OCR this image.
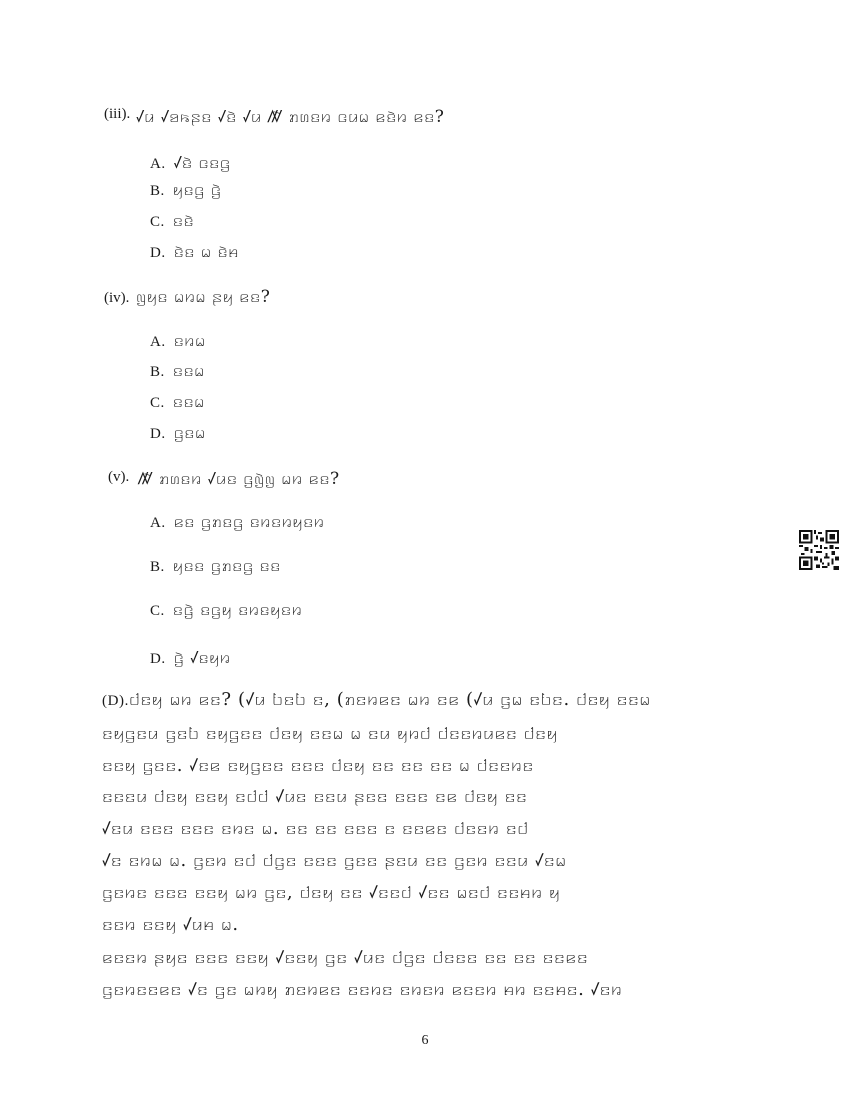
(iii). ꤶꤣ ꤶꤤꤒꤔꤢ ꤶꤢꤧ ꤶꤣ ꤲꤧ ꤊꤛꤢꤙ ꤍꤣꤗ ꤕꤢꤧꤙ ꤕꤢ?
A. ꤶꤢꤧ ꤍꤢꤞ
B. ꤟꤢꤞ ꤞꤧ
C. ꤢꤢꤧ
D. ꤢꤧꤢ ꤗ ꤢꤧꤌ
(iv). ꤜꤟꤢ ꤗꤙꤗ ꤔꤟ ꤕꤢ?
A. ꤢꤙꤗ
B. ꤢꤢꤗ
C. ꤢꤢꤗ
D. ꤞꤢꤗ
(v). ꤲꤧ ꤊꤛꤢꤙ ꤶꤣꤢ ꤞꤜꤧꤜ ꤗꤙ ꤕꤢ?
A. ꤕꤢ ꤞꤊꤢꤞ ꤢꤙꤢꤙꤟꤢꤙ
B. ꤟꤢꤢ ꤞꤊꤢꤞ ꤢꤢ
C. ꤢꤞꤧ ꤢꤞꤟ ꤢꤙꤢꤟꤢꤙ
D. ꤞꤧ ꤶꤢꤟꤙ
(D).ꤓꤢꤟ ꤗꤙ ꤕꤢ? (ꤶꤣ ꤝꤢꤝ ꤢ, (ꤊꤢꤙꤕꤢ ꤗꤙ ꤢꤕ (ꤶꤣ ꤞꤗ ꤢꤝꤢ. ꤓꤢꤟ ꤢꤢꤗ
ꤢꤟꤞꤢꤣ ꤞꤢꤝ ꤢꤟꤞꤢꤢ ꤓꤢꤟ ꤢꤢꤗ ꤗ ꤢꤣ ꤟꤙꤓ ꤓꤢꤢꤙꤣꤕꤢ ꤓꤢꤟ
ꤢꤢꤟ ꤞꤢꤢ. ꤶꤢꤕ ꤢꤟꤞꤢꤢ ꤢꤢꤢ ꤓꤢꤟ ꤢꤢ ꤢꤢ ꤢꤢ ꤗ ꤓꤢꤢꤙꤢ
ꤢꤢꤢꤣ ꤓꤢꤟ ꤢꤢꤟ ꤢꤓꤓ ꤶꤣꤢ ꤢꤢꤣ ꤔꤢꤢ ꤢꤢꤢ ꤢꤕ ꤓꤢꤟ ꤢꤢ
ꤶꤢꤣ ꤢꤢꤢ ꤢꤢꤢ ꤢꤙꤢ ꤗ. ꤢꤢ ꤢꤢ ꤢꤢꤢ ꤢ ꤢꤢꤕꤢ ꤓꤢꤢꤙ ꤢꤓ
ꤶꤢ ꤢꤙꤗ ꤗ. ꤞꤢꤙ ꤢꤓ ꤓꤞꤢ ꤢꤢꤢ ꤞꤢꤢ ꤔꤢꤣ ꤢꤢ ꤞꤢꤙ ꤢꤢꤣ ꤶꤢꤗ
ꤞꤢꤙꤢ ꤢꤢꤢ ꤢꤢꤟ ꤗꤙ ꤞꤢ, ꤓꤢꤟ ꤢꤢ ꤶꤢꤢꤓ ꤶꤢꤢ ꤗꤢꤓ ꤢꤢꤌꤙ ꤟ
ꤢꤢꤙ ꤢꤢꤟ ꤶꤣꤌ ꤗ.
ꤕꤢꤢꤙ ꤔꤟꤢ ꤢꤢꤢ ꤢꤢꤟ ꤶꤢꤢꤟ ꤞꤢ ꤶꤣꤢ ꤓꤞꤢ ꤓꤢꤢꤢ ꤢꤢ ꤢꤢ ꤢꤢꤕꤢ
ꤞꤢꤙꤢꤢꤕꤢ ꤶꤢ ꤞꤢ ꤗꤙꤟ ꤊꤢꤙꤕꤢ ꤢꤢꤙꤢ ꤢꤙꤢꤙ ꤕꤢꤢꤙ ꤌꤙ ꤢꤢꤌꤢ. ꤶꤢꤙ
6
